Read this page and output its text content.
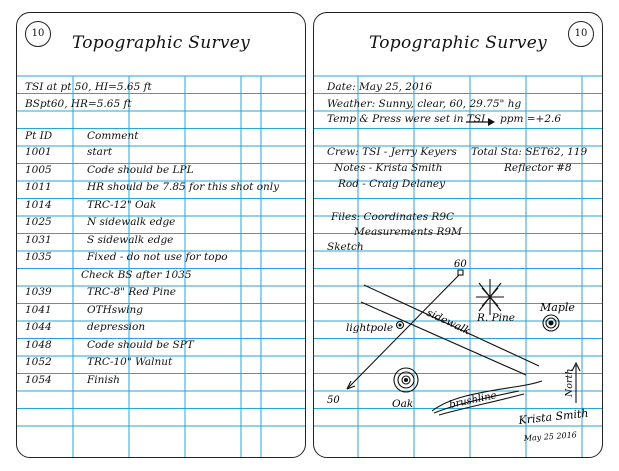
10	Topographic Survey
TSI at pt 50, HI=5.65 ft
BSpt60, HR=5.65 ft
Pt ID	Comment
1001	start
1005	Code should be LPL
1011	HR should be 7.85 for this shot only
1014	TRC-12" Oak
1025	N sidewalk edge
1031	S sidewalk edge
1035	Fixed - do not use for topo
Check BS after 1035
1039	TRC-8" Red Pine
1041	OTHswing
1044	depression
1048	Code should be SPT
1052	TRC-10" Walnut
1054	Finish
10
Topographic Survey
Date: May 25, 2016
Weather: Sunny, clear, 60, 29.75" hg
Temp & Press were set in TSI ppm =+2.6
Crew: TSI - Jerry Keyers Total Sta: SET62, 119
Notes - Krista Smith	Reflector #8
Rod - Craig Delaney
Files: Coordinates R9C
Measurements R9M
Sketch
60
50
Maple
R. Pine
lightpole	sidewalk
Oak	brushline
North
Krista Smith
May 25 2016
